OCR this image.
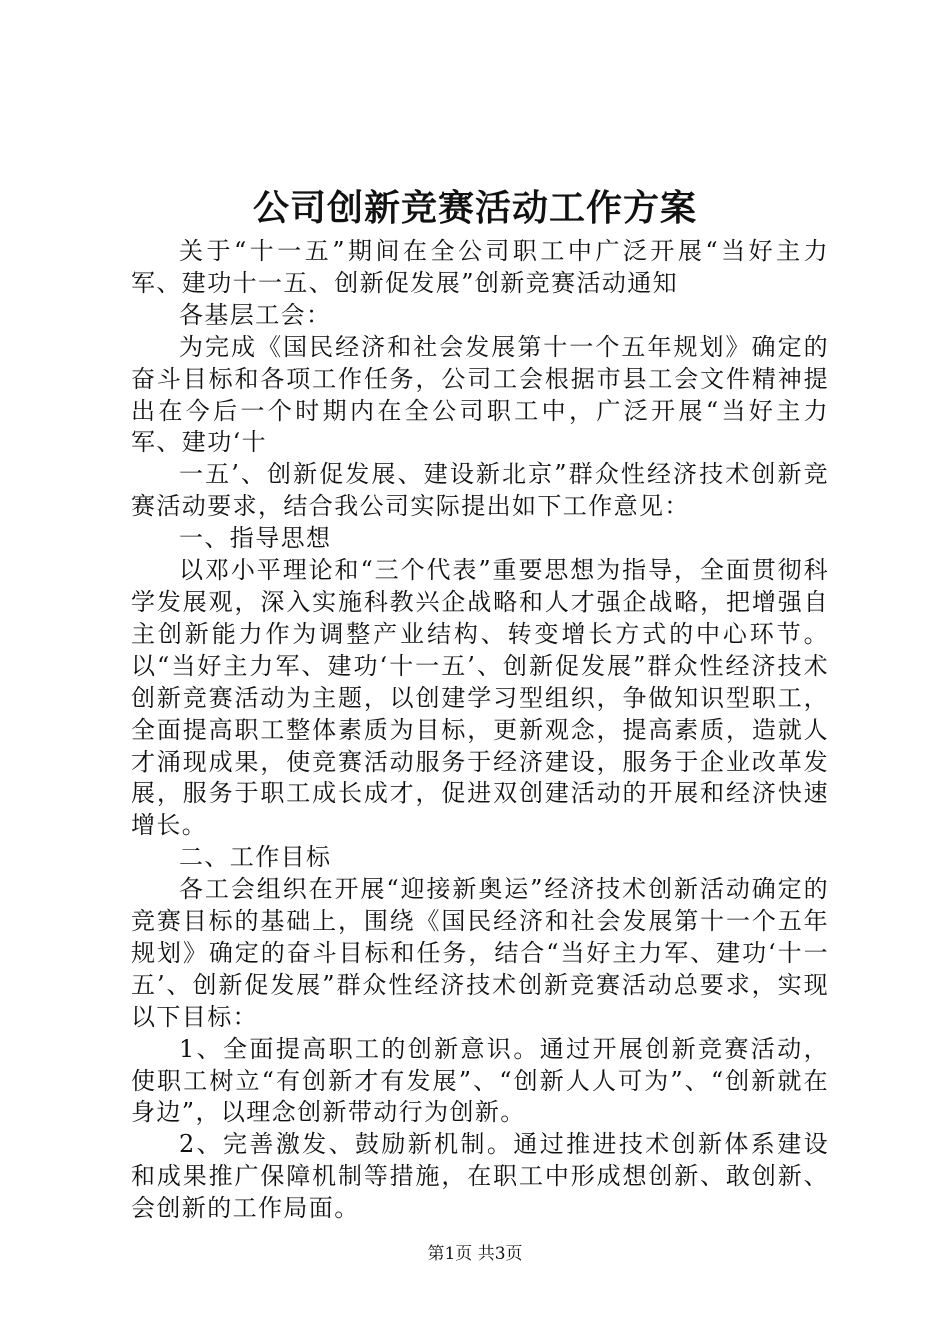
公司创新竞赛活动工作方案

关于“十一五”期间在全公司职工中广泛开展“当好主力军、建功十一五、创新促发展”创新竞赛活动通知

各基层工会：

为完成《国民经济和社会发展第十一个五年规划》确定的奋斗目标和各项工作任务，公司工会根据市县工会文件精神提出在今后一个时期内在全公司职工中，广泛开展“当好主力军、建功‘十

一五’、创新促发展、建设新北京”群众性经济技术创新竞赛活动要求，结合我公司实际提出如下工作意见：

一、指导思想

以邓小平理论和“三个代表”重要思想为指导，全面贯彻科学发展观，深入实施科教兴企战略和人才强企战略，把增强自主创新能力作为调整产业结构、转变增长方式的中心环节。以“当好主力军、建功‘十一五’、创新促发展”群众性经济技术创新竞赛活动为主题，以创建学习型组织，争做知识型职工，全面提高职工整体素质为目标，更新观念，提高素质，造就人才涌现成果，使竞赛活动服务于经济建设，服务于企业改革发展，服务于职工成长成才，促进双创建活动的开展和经济快速增长。

二、工作目标

各工会组织在开展“迎接新奥运”经济技术创新活动确定的竞赛目标的基础上，围绕《国民经济和社会发展第十一个五年规划》确定的奋斗目标和任务，结合“当好主力军、建功‘十一五’、创新促发展”群众性经济技术创新竞赛活动总要求，实现以下目标：

1、全面提高职工的创新意识。通过开展创新竞赛活动，使职工树立“有创新才有发展”、“创新人人可为”、“创新就在身边”，以理念创新带动行为创新。

2、完善激发、鼓励新机制。通过推进技术创新体系建设和成果推广保障机制等措施，在职工中形成想创新、敢创新、会创新的工作局面。

第1页 共3页
